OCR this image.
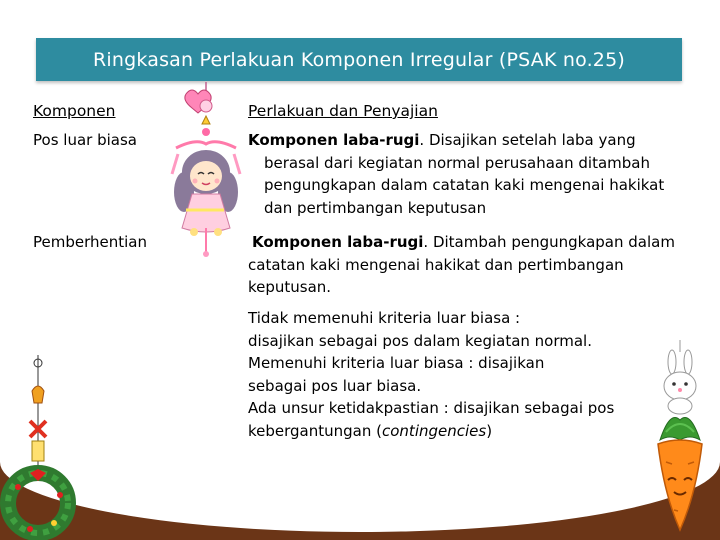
Ringkasan Perlakuan Komponen Irregular (PSAK no.25)
Komponen	Perlakuan dan Penyajian
Pos luar biasa
Pemberhentian
Komponen laba-rugi. Disajikan setelah laba yang berasal dari kegiatan normal perusahaan ditambah pengungkapan dalam catatan kaki mengenai hakikat dan pertimbangan keputusan
Komponen laba-rugi. Ditambah pengungkapan dalam catatan kaki mengenai hakikat dan pertimbangan keputusan.
Tidak memenuhi kriteria luar biasa :
disajikan sebagai pos dalam kegiatan normal.
Memenuhi kriteria luar biasa : disajikan
sebagai pos luar biasa.
Ada unsur ketidakpastian : disajikan sebagai pos
kebergantungan (contingencies)
